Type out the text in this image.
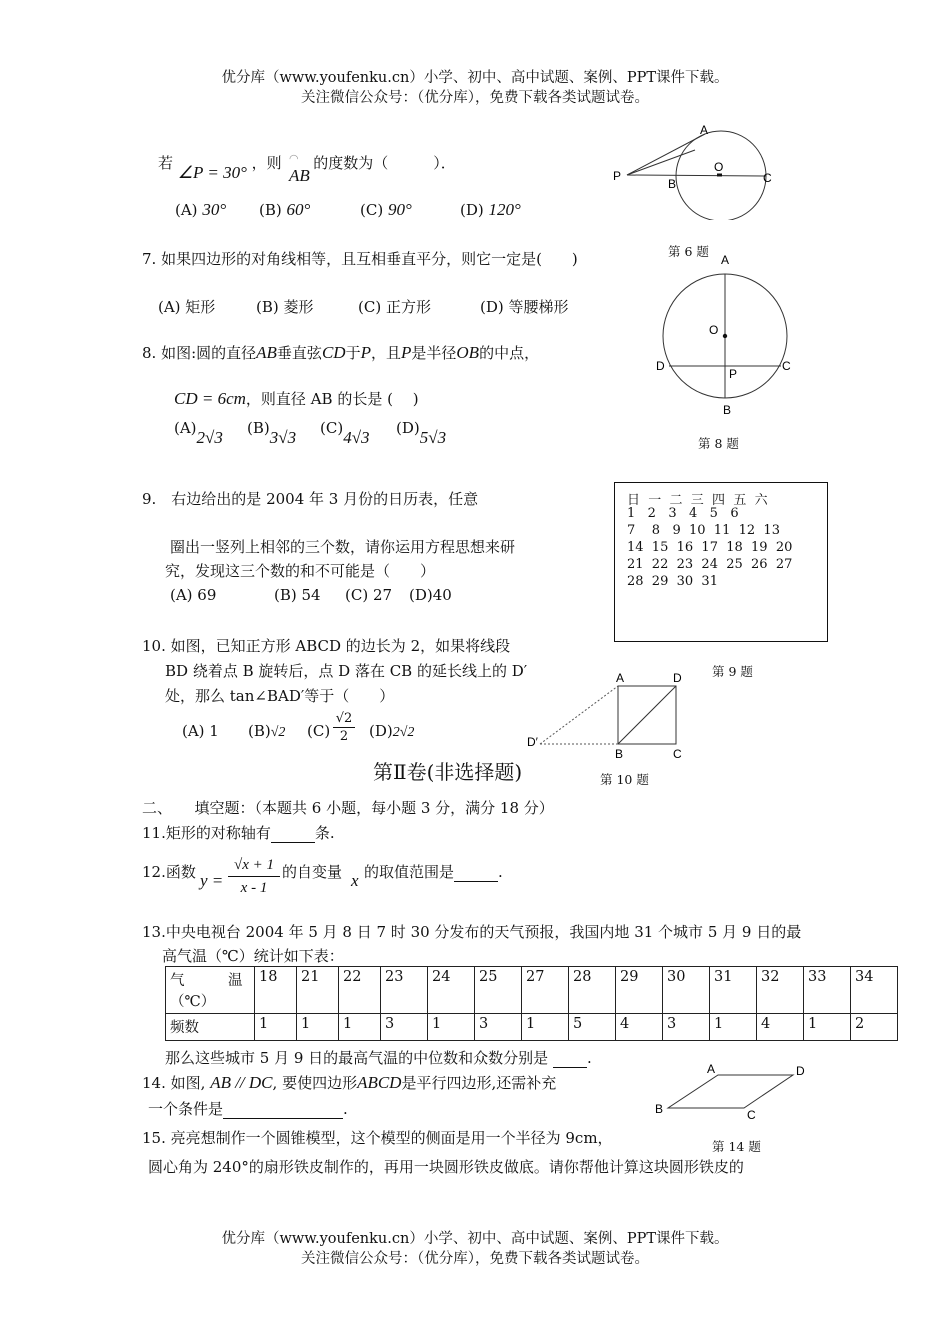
优分库（www.youfenku.cn）小学、初中、高中试题、案例、PPT课件下载。
关注微信公众号：（优分库），免费下载各类试题试卷。
若 ∠P = 30° ，则 的度数为（　　　）．
◠
AB
(A) 30° (B) 60°	(C) 90°	(D) 120°
A
O
P
B	C
第 6 题
7. 如果四边形的对角线相等，且互相垂直平分，则它一定是(　　)
(A) 矩形	(B) 菱形	(C) 正方形	(D) 等腰梯形
A
O
D	C
P
B
第 8 题
8. 如图:圆的直径AB垂直弦CD于P，且P是半径OB的中点，
CD = 6cm，则直径 AB 的长是 (　 )
(A)2√3 (B)3√3 (C)4√3 (D)5√3
9.　右边给出的是 2004 年 3 月份的日历表，任意
圈出一竖列上相邻的三个数，请你运用方程思想来研
究，发现这三个数的和不可能是（　　）
(A) 69	(B) 54 (C) 27 (D)40
日  一  二  三  四  五  六
1   2   3   4   5   6
7    8   9  10  11  12  13
14  15  16  17  18  19  20
21  22  23  24  25  26  27
28  29  30  31
第 9 题
10. 如图，已知正方形 ABCD 的边长为 2，如果将线段
BD 绕着点 B 旋转后，点 D 落在 CB 的延长线上的 D′
处，那么 tan∠BAD′等于（　　）
(A) 1 (B)√2 (C)
√2
2	(D)2√2
A	D
D′
B	C
第 10 题
第Ⅱ卷(非选择题)
二、　　填空题：（本题共 6 小题，每小题 3 分，满分 18 分）
11.矩形的对称轴有	条.
12.函数 y =
√x + 1
x - 1
的自变量 x 的取值范围是	.
13.中央电视台 2004 年 5 月 8 日 7 时 30 分发布的天气预报，我国内地 31 个城市 5 月 9 日的最
高气温（℃）统计如下表：
气　　　温
（℃）	18	21	22	23	24	25	27	28	29	30	31	32	33	34
频数	1	1	1	3	1	3	1	5	4	3	1	4	1	2
那么这些城市 5 月 9 日的最高气温的中位数和众数分别是	.
14. 如图, AB // DC, 要使四边形ABCD是平行四边形,还需补充
一个条件是	.
A	D
B	C
第 14 题
15. 亮亮想制作一个圆锥模型，这个模型的侧面是用一个半径为 9cm，
圆心角为 240°的扇形铁皮制作的，再用一块圆形铁皮做底。请你帮他计算这块圆形铁皮的
优分库（www.youfenku.cn）小学、初中、高中试题、案例、PPT课件下载。
关注微信公众号：（优分库），免费下载各类试题试卷。
